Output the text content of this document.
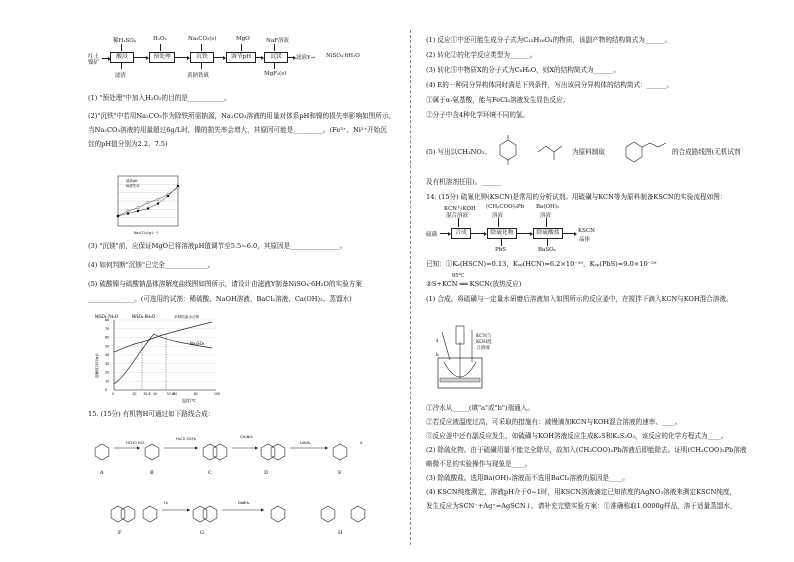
稀H₂SO₄	H₂O₂	Na₂CO₃(s)	MgO	NaF溶液
红土镍矿
酸浸	预处理	沉铁	调节pH	沉镁	滤液Y→ NiSO₄·6H₂O
滤渣	黄钠铁矾	MgF₂(s)
(1) "预处理"中加入H₂O₂的目的是___________。
(2)"沉铁"中若用Na₂CO₃作为除铁所需钠源，Na₂CO₃溶液的用量对体系pH和镍的损失率影响如图所示。
当Na₂CO₃溶液的用量超过6g/L时，镍的损失率会增大，其原因可能是_________。(Fe³⁺、Ni²⁺开始沉
淀的pH值分别为2.2、7.5)
溶液pH
Ni损失率
Na₂CO₃/(g·L⁻¹)
(3) "沉镁"前，应保证MgO已将溶液pH值调节至5.5~6.0，其原因是_______________。
(4) 如何判断"沉镁"已完全_____________。
(5) 硫酸镍与硫酸钠晶体溶解度曲线图如图所示，请设计由滤液Y制备NiSO₄·6H₂O的实验方案
______________。(可选用的试剂：稀硫酸、NaOH溶液、BaCl₂溶液、Ca(OH)₂、蒸馏水)
0
10
20
30
40
50
60
70
80
0	20 30.8 40	53.8 60	80	100
NiSO₄·7H₂O	NiSO₄·6H₂O	多种结晶水合物
Na₂SO₄
温度/℃
溶解度/100g水
15. (15分) 有机物H可通过如下路线合成：
A	B	C	D	E
F	G	H
HCHO HCl
H₃CO OCH₃	CH₃NO₂
LiAlH₄	X
H₂	NaBH₄
(1) 反应①中还可能生成分子式为C₁₅H₁₆O₄的物质，该副产物的结构简式为______。
(2) 转化②的化学反应类型为______。
(3) 转化⑤中物质X的分子式为C₈H₆O，则X的结构简式为______。
(4) E的一种同分异构体同时满足下列条件，写出该同分异构体的结构简式：______。
①属于α-氨基酸，能与FeCl₃溶液发生显色反应；
②分子中含4种化学环境不同的氢。
(5) 写出以CH₃NO₂、	为原料制取	的合成路线图(无机试剂
及有机溶剂任用)。______
14. (15分) 硫氰化钾(KSCN)是常用的分析试剂。用硫磺与KCN等为原料制备KSCN的实验流程如图：
KCN与KOH (CH₃COO)₂Pb Ba(OH)₂
混合溶液	溶液	溶液
硫磺	合成	除硫化物	除硫酸盐	KSCN
晶体
PbS	BaSO₄
已知：①Kₐ(HSCN)=0.13，Kₛₚ(HCN)=6.2×10⁻¹⁰，Kₛₚ(PbS)=9.0×10⁻²⁹
95℃
②S+KCN ══ KSCN(放热反应)
(1) 合成。将硫磺与一定量水研磨后溶液加入如图所示的反应釜中，在搅拌下滴入KCN与KOH混合溶液。
a
b
KCN与KOH混合溶液
①冷水从_____(填"a"或"b")端通入。
②若反应液温度过高，可采取的措施有：减慢滴加KCN与KOH混合溶液的速率、____。
③反应釜中还有副反应发生，如硫磺与KOH溶液反应生成K₂S和K₂S₂O₃，该反应的化学方程式为____。
(2) 除硫化物。由于硫磺用量不能完全除尽，故加入(CH₃COO)₂Pb溶液后即能除去。证明(CH₃COO)₂Pb溶液
略微不足的实验操作与现象是____。
(3) 除硫酸盐。选用Ba(OH)₂溶液而不选用BaCl₂溶液的原因是____。
(4) KSCN纯度测定，溶液pH介于0~1时，用KSCN溶液滴定已知浓度的AgNO₃溶液来测定KSCN纯度，
发生反应为SCN⁻+Ag⁺=AgSCN↓。请补充完整实验方案：①准确称取1.0000g样品，溶于适量蒸馏水，
